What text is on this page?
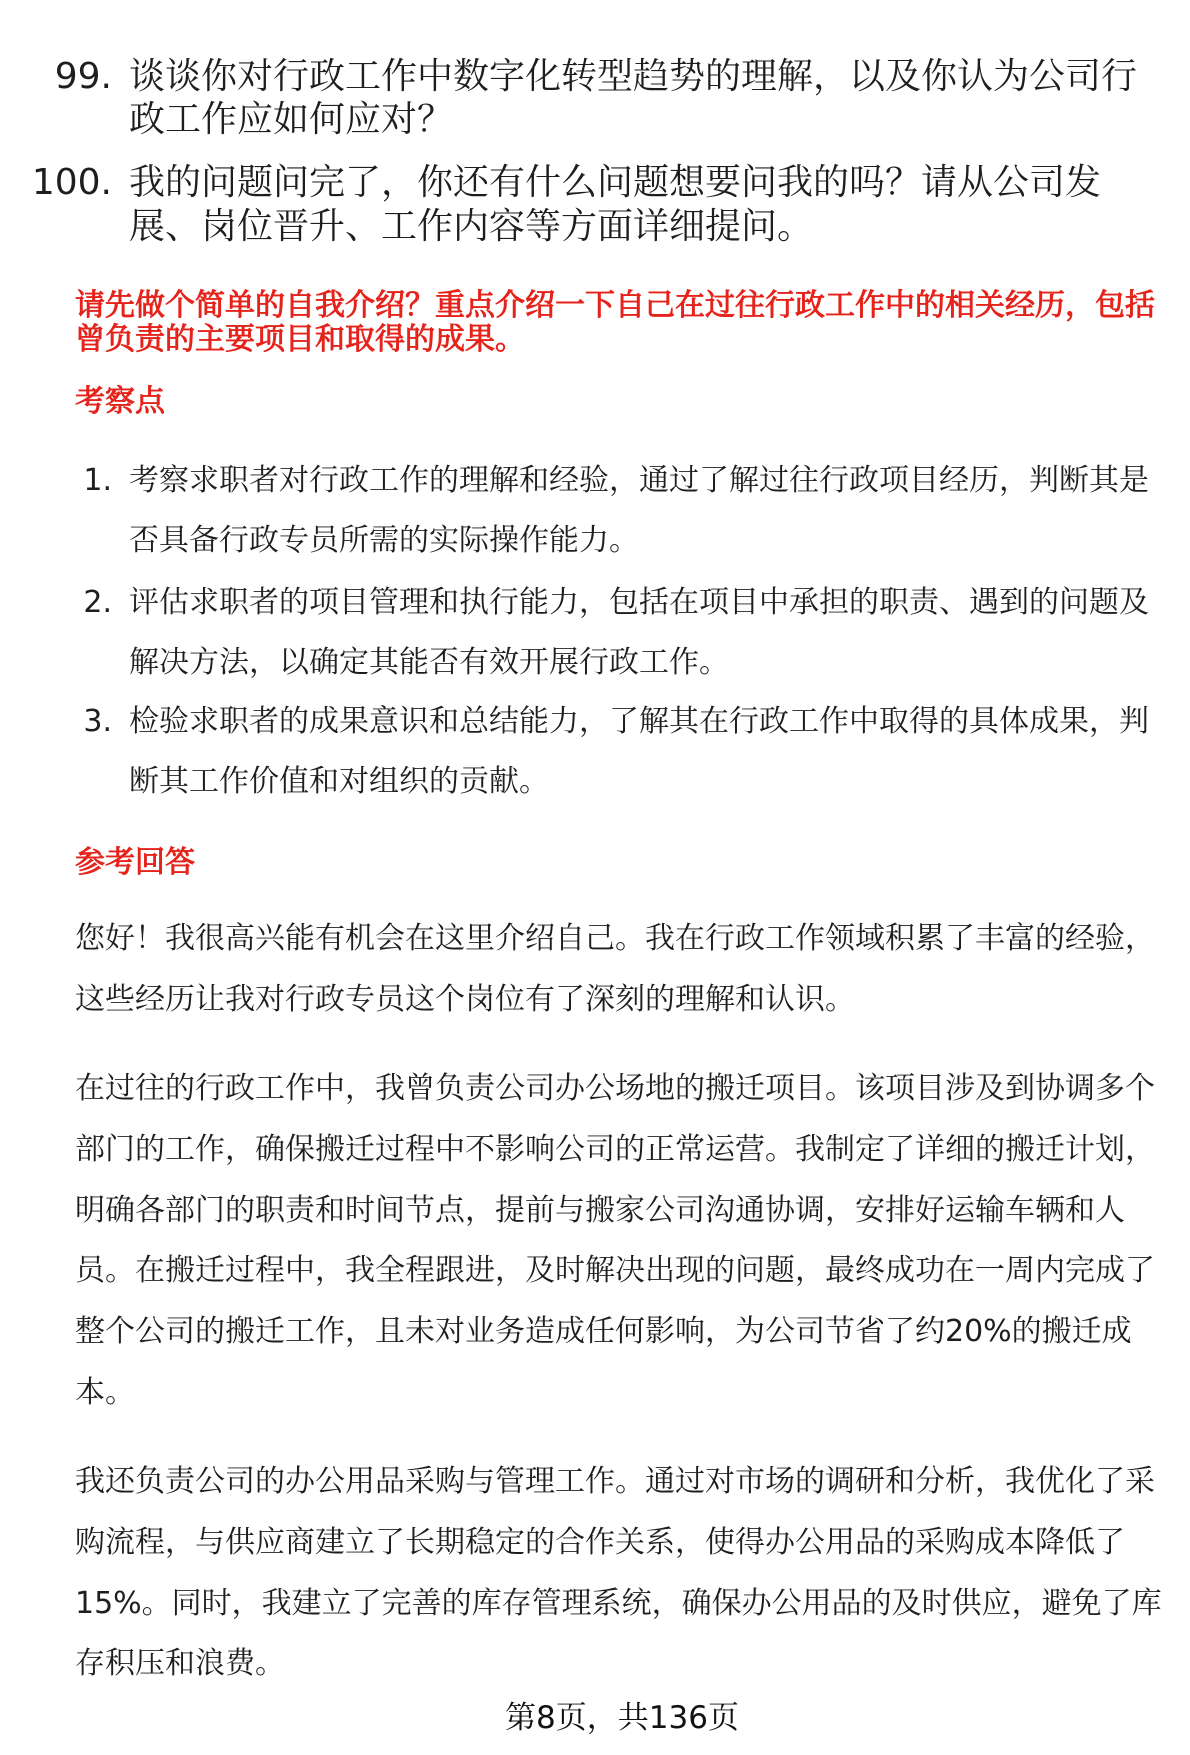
99. 谈谈你对行政工作中数字化转型趋势的理解，以及你认为公司行
政工作应如何应对？
100. 我的问题问完了，你还有什么问题想要问我的吗？请从公司发
展、岗位晋升、工作内容等方面详细提问。
请先做个简单的自我介绍？重点介绍一下自己在过往行政工作中的相关经历，包括
曾负责的主要项目和取得的成果。
考察点
1. 考察求职者对行政工作的理解和经验，通过了解过往行政项目经历，判断其是
否具备行政专员所需的实际操作能力。
2. 评估求职者的项目管理和执行能力，包括在项目中承担的职责、遇到的问题及
解决方法，以确定其能否有效开展行政工作。
3. 检验求职者的成果意识和总结能力，了解其在行政工作中取得的具体成果，判
断其工作价值和对组织的贡献。
参考回答
您好！我很高兴能有机会在这里介绍自己。我在行政工作领域积累了丰富的经验，
这些经历让我对行政专员这个岗位有了深刻的理解和认识。
在过往的行政工作中，我曾负责公司办公场地的搬迁项目。该项目涉及到协调多个
部门的工作，确保搬迁过程中不影响公司的正常运营。我制定了详细的搬迁计划，
明确各部门的职责和时间节点，提前与搬家公司沟通协调，安排好运输车辆和人
员。在搬迁过程中，我全程跟进，及时解决出现的问题，最终成功在一周内完成了
整个公司的搬迁工作，且未对业务造成任何影响，为公司节省了约20%的搬迁成
本。
我还负责公司的办公用品采购与管理工作。通过对市场的调研和分析，我优化了采
购流程，与供应商建立了长期稳定的合作关系，使得办公用品的采购成本降低了
15%。同时，我建立了完善的库存管理系统，确保办公用品的及时供应，避免了库
存积压和浪费。
第8页，共136页
